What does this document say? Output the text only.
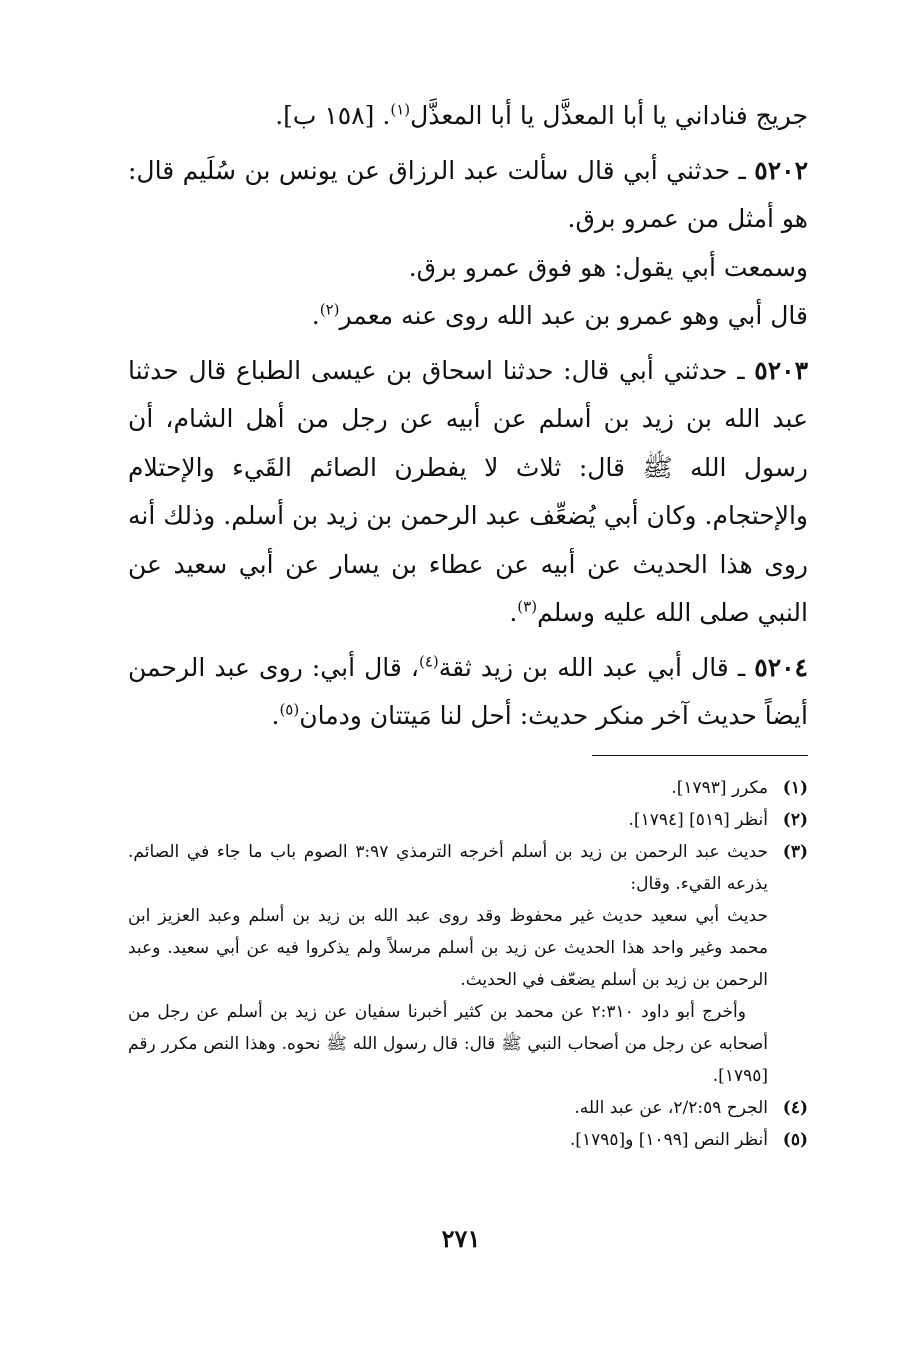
جريج فناداني يا أبا المعذَّل يا أبا المعذَّل$^{(١)}$. [١٥٨ ب].

٥٢٠٢ ـ حدثني أبي قال سألت عبد الرزاق عن يونس بن سُلَيم قال: هو أمثل من عمرو برق.

وسمعت أبي يقول: هو فوق عمرو برق.

قال أبي وهو عمرو بن عبد الله روى عنه معمر$^{(٢)}$.

٥٢٠٣ ـ حدثني أبي قال: حدثنا اسحاق بن عيسى الطباع قال حدثنا عبد الله بن زيد بن أسلم عن أبيه عن رجل من أهل الشام، أن رسول الله ﷺ قال: ثلاث لا يفطرن الصائم القَيء والإحتلام والإحتجام. وكان أبي يُضعِّف عبد الرحمن بن زيد بن أسلم. وذلك أنه روى هذا الحديث عن أبيه عن عطاء بن يسار عن أبي سعيد عن النبي صلى الله عليه وسلم$^{(٣)}$.

٥٢٠٤ ـ قال أبي عبد الله بن زيد ثقة$^{(٤)}$، قال أبي: روى عبد الرحمن أيضاً حديث آخر منكر حديث: أحل لنا مَيتتان ودمان$^{(٥)}$.

(١)

مكرر [١٧٩٣].

(٢)

أنظر [٥١٩] [١٧٩٤].

(٣)

حديث عبد الرحمن بن زيد بن أسلم أخرجه الترمذي ٣:٩٧ الصوم باب ما جاء في الصائم. يذرعه القيء. وقال:

حديث أبي سعيد حديث غير محفوظ وقد روى عبد الله بن زيد بن أسلم وعبد العزيز ابن محمد وغير واحد هذا الحديث عن زيد بن أسلم مرسلاً ولم يذكروا فيه عن أبي سعيد. وعبد الرحمن بن زيد بن أسلم يضعّف في الحديث.

وأخرج أبو داود ٢:٣١٠ عن محمد بن كثير أخبرنا سفيان عن زيد بن أسلم عن رجل من أصحابه عن رجل من أصحاب النبي ﷺ قال: قال رسول الله ﷺ نحوه. وهذا النص مكرر رقم [١٧٩٥].

(٤)

الجرح ٢/٢:٥٩، عن عبد الله.

(٥)

أنظر النص [١٠٩٩] و[١٧٩٥].

٢٧١
